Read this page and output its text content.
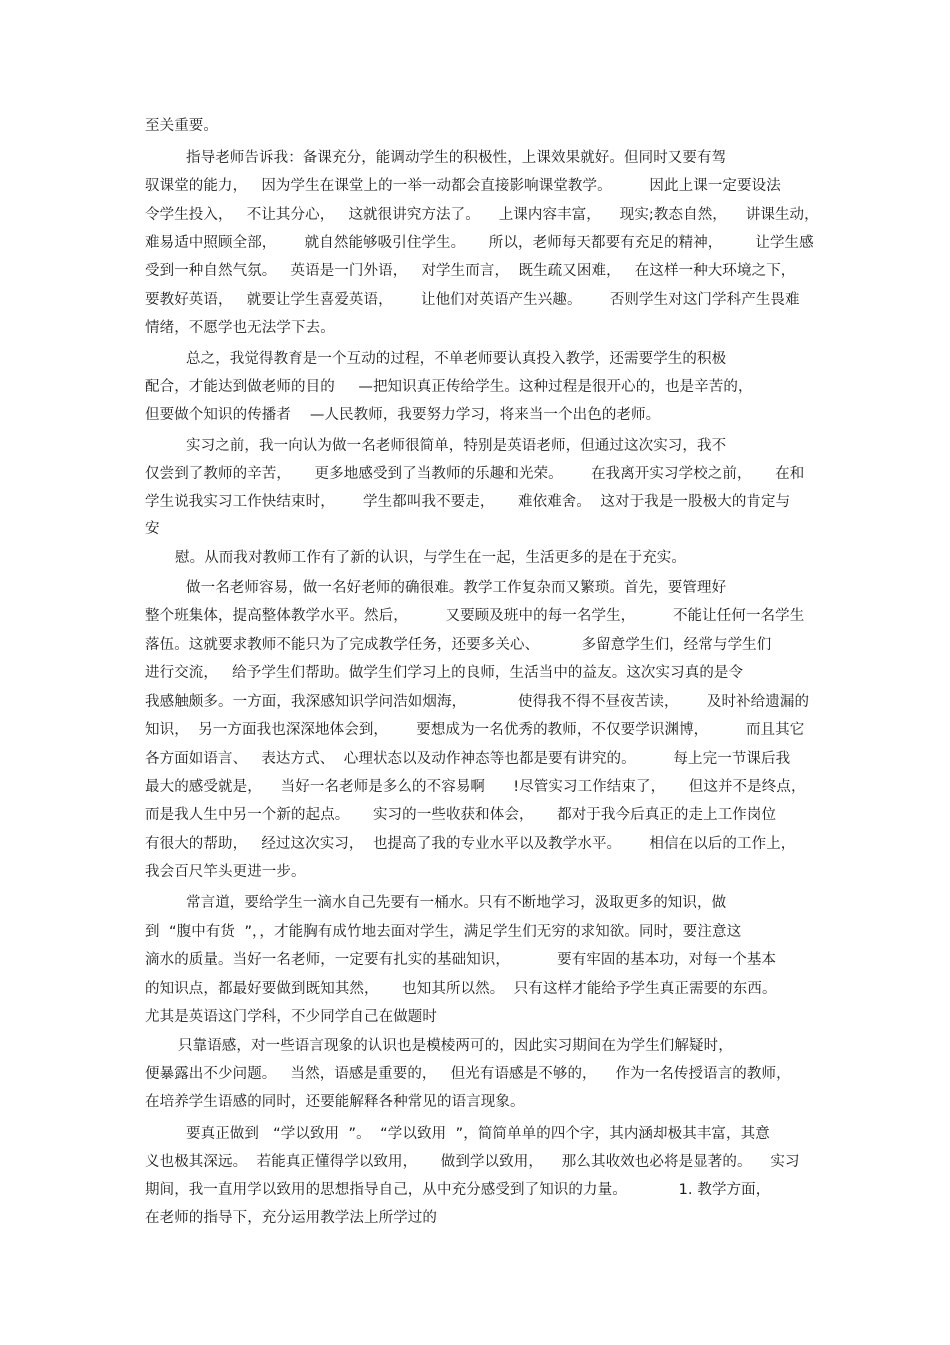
至关重要。
指导老师告诉我：备课充分，能调动学生的积极性，上课效果就好。但同时又要有驾
驭课堂的能力，   因为学生在课堂上的一举一动都会直接影响课堂教学。        因此上课一定要设法
令学生投入，   不让其分心，   这就很讲究方法了。    上课内容丰富，    现实;教态自然，    讲课生动，
难易适中照顾全部，      就自然能够吸引住学生。     所以，老师每天都要有充足的精神，       让学生感
受到一种自然气氛。   英语是一门外语，   对学生而言，  既生疏又困难，   在这样一种大环境之下，
要教好英语，   就要让学生喜爱英语，      让他们对英语产生兴趣。      否则学生对这门学科产生畏难
情绪，不愿学也无法学下去。
总之，我觉得教育是一个互动的过程，不单老师要认真投入教学，还需要学生的积极
配合，才能达到做老师的目的     —把知识真正传给学生。这种过程是很开心的，也是辛苦的，
但要做个知识的传播者    —人民教师，我要努力学习，将来当一个出色的老师。
实习之前，我一向认为做一名老师很简单，特别是英语老师，但通过这次实习，我不
仅尝到了教师的辛苦，     更多地感受到了当教师的乐趣和光荣。      在我离开实习学校之前，     在和
学生说我实习工作快结束时，      学生都叫我不要走，     难依难舍。  这对于我是一股极大的肯定与
安
慰。从而我对教师工作有了新的认识，与学生在一起，生活更多的是在于充实。
做一名老师容易，做一名好老师的确很难。教学工作复杂而又繁琐。首先，要管理好
整个班集体，提高整体教学水平。然后，        又要顾及班中的每一名学生，        不能让任何一名学生
落伍。这就要求教师不能只为了完成教学任务，还要多关心、         多留意学生们，经常与学生们
进行交流，   给予学生们帮助。做学生们学习上的良师，生活当中的益友。这次实习真的是令
我感触颇多。一方面，我深感知识学问浩如烟海，           使得我不得不昼夜苦读，      及时补给遗漏的
知识，  另一方面我也深深地体会到，      要想成为一名优秀的教师，不仅要学识渊博，        而且其它
各方面如语言、   表达方式、  心理状态以及动作神态等也都是要有讲究的。        每上完一节课后我
最大的感受就是，    当好一名老师是多么的不容易啊      !尽管实习工作结束了，     但这并不是终点，
而是我人生中另一个新的起点。     实习的一些收获和体会，     都对于我今后真正的走上工作岗位
有很大的帮助，   经过这次实习，  也提高了我的专业水平以及教学水平。      相信在以后的工作上，
我会百尺竿头更进一步。
常言道，要给学生一滴水自己先要有一桶水。只有不断地学习，汲取更多的知识，做
到  “腹中有货  ”，，才能胸有成竹地去面对学生，满足学生们无穷的求知欲。同时，要注意这
滴水的质量。当好一名老师，一定要有扎实的基础知识，          要有牢固的基本功，对每一个基本
的知识点，都最好要做到既知其然，     也知其所以然。  只有这样才能给予学生真正需要的东西。
尤其是英语这门学科，不少同学自己在做题时
只靠语感，对一些语言现象的认识也是模棱两可的，因此实习期间在为学生们解疑时，
便暴露出不少问题。   当然，语感是重要的，   但光有语感是不够的，    作为一名传授语言的教师，
在培养学生语感的同时，还要能解释各种常见的语言现象。
要真正做到   “学以致用  ”。  “学以致用  ”，简简单单的四个字，其内涵却极其丰富，其意
义也极其深远。  若能真正懂得学以致用，     做到学以致用，    那么其收效也必将是显著的。    实习
期间，我一直用学以致用的思想指导自己，从中充分感受到了知识的力量。           1. 教学方面，
在老师的指导下，充分运用教学法上所学过的
